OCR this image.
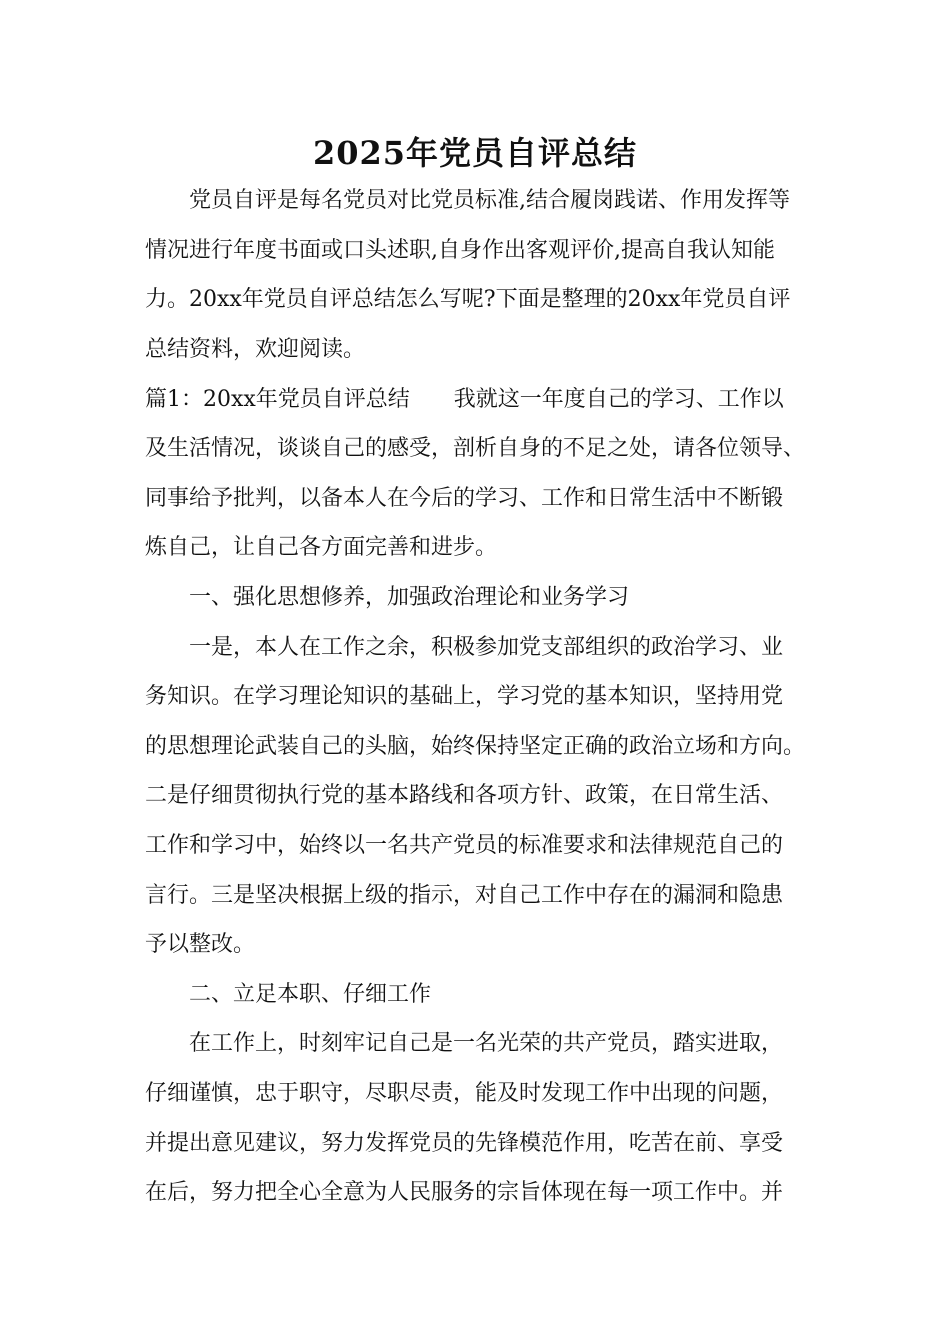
2025年党员自评总结
党员自评是每名党员对比党员标准,结合履岗践诺、作用发挥等
情况进行年度书面或口头述职,自身作出客观评价,提高自我认知能
力。20xx年党员自评总结怎么写呢?下面是整理的20xx年党员自评
总结资料，欢迎阅读。
篇1：20xx年党员自评总结　　我就这一年度自己的学习、工作以
及生活情况，谈谈自己的感受，剖析自身的不足之处，请各位领导、
同事给予批判，以备本人在今后的学习、工作和日常生活中不断锻
炼自己，让自己各方面完善和进步。
一、强化思想修养，加强政治理论和业务学习
一是，本人在工作之余，积极参加党支部组织的政治学习、业
务知识。在学习理论知识的基础上，学习党的基本知识，坚持用党
的思想理论武装自己的头脑，始终保持坚定正确的政治立场和方向。
二是仔细贯彻执行党的基本路线和各项方针、政策，在日常生活、
工作和学习中，始终以一名共产党员的标准要求和法律规范自己的
言行。三是坚决根据上级的指示，对自己工作中存在的漏洞和隐患
予以整改。
二、立足本职、仔细工作
在工作上，时刻牢记自己是一名光荣的共产党员，踏实进取，
仔细谨慎，忠于职守，尽职尽责，能及时发现工作中出现的问题，
并提出意见建议，努力发挥党员的先锋模范作用，吃苦在前、享受
在后，努力把全心全意为人民服务的宗旨体现在每一项工作中。并
